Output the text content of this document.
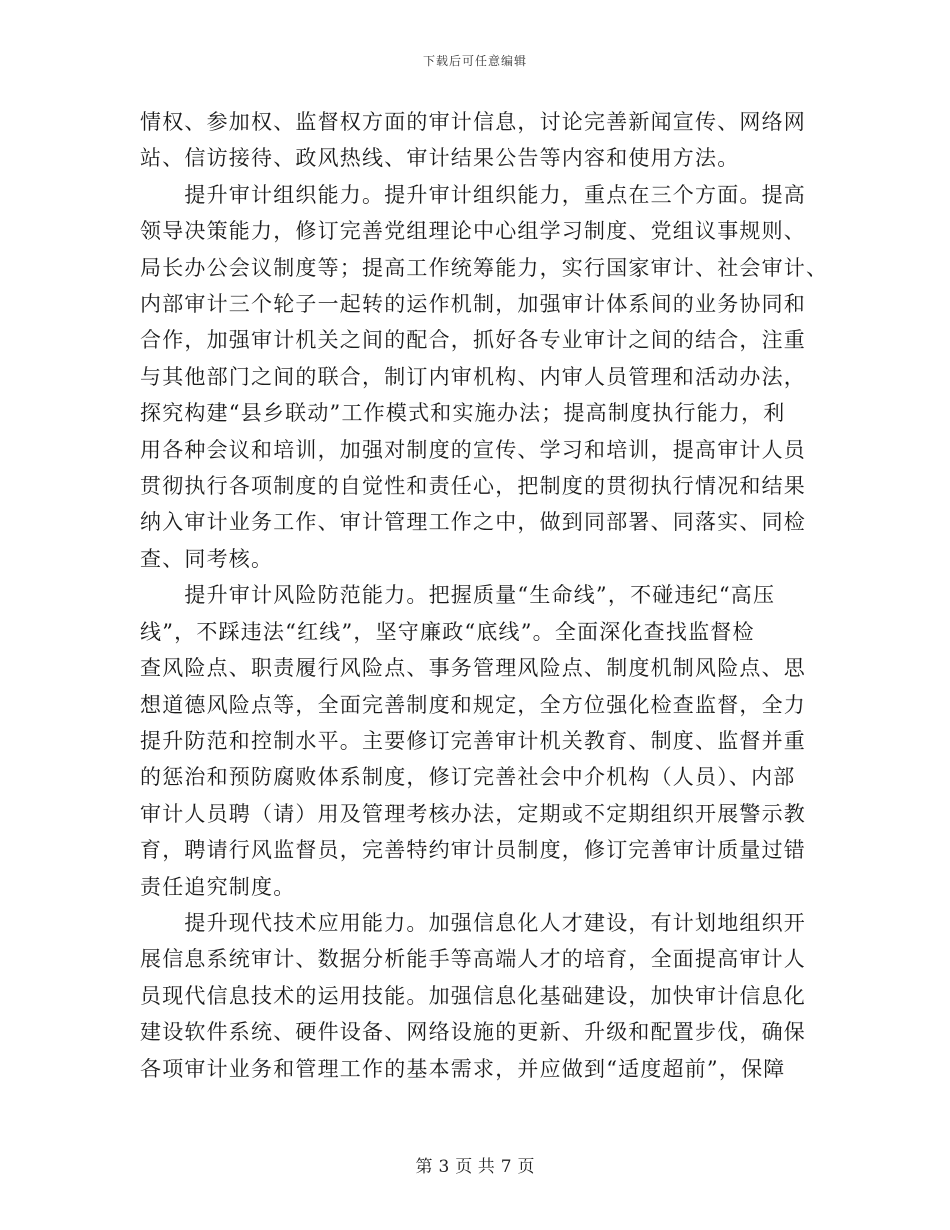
下载后可任意编辑

情权、参加权、监督权方面的审计信息，讨论完善新闻宣传、网络网
站、信访接待、政风热线、审计结果公告等内容和使用方法。

　　提升审计组织能力。提升审计组织能力，重点在三个方面。提高
领导决策能力，修订完善党组理论中心组学习制度、党组议事规则、
局长办公会议制度等；提高工作统筹能力，实行国家审计、社会审计、
内部审计三个轮子一起转的运作机制，加强审计体系间的业务协同和
合作，加强审计机关之间的配合，抓好各专业审计之间的结合，注重
与其他部门之间的联合，制订内审机构、内审人员管理和活动办法，
探究构建“县乡联动”工作模式和实施办法；提高制度执行能力，利
用各种会议和培训，加强对制度的宣传、学习和培训，提高审计人员
贯彻执行各项制度的自觉性和责任心，把制度的贯彻执行情况和结果
纳入审计业务工作、审计管理工作之中，做到同部署、同落实、同检
查、同考核。

　　提升审计风险防范能力。把握质量“生命线”，不碰违纪“高压
线”，不踩违法“红线”，坚守廉政“底线”。全面深化查找监督检
查风险点、职责履行风险点、事务管理风险点、制度机制风险点、思
想道德风险点等，全面完善制度和规定，全方位强化检查监督，全力
提升防范和控制水平。主要修订完善审计机关教育、制度、监督并重
的惩治和预防腐败体系制度，修订完善社会中介机构（人员）、内部
审计人员聘（请）用及管理考核办法，定期或不定期组织开展警示教
育，聘请行风监督员，完善特约审计员制度，修订完善审计质量过错
责任追究制度。

　　提升现代技术应用能力。加强信息化人才建设，有计划地组织开
展信息系统审计、数据分析能手等高端人才的培育，全面提高审计人
员现代信息技术的运用技能。加强信息化基础建设，加快审计信息化
建设软件系统、硬件设备、网络设施的更新、升级和配置步伐，确保
各项审计业务和管理工作的基本需求，并应做到“适度超前”，保障

第 3 页 共 7 页
